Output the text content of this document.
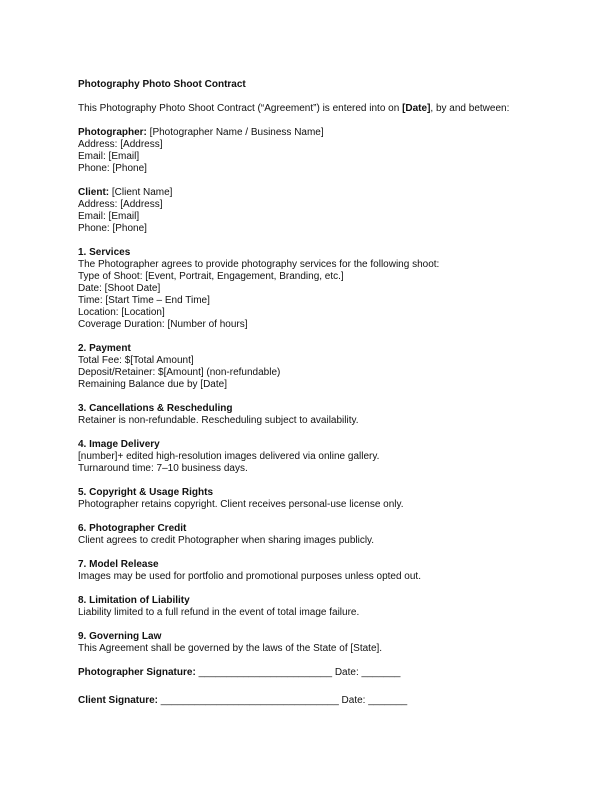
Photography Photo Shoot Contract
This Photography Photo Shoot Contract (“Agreement”) is entered into on [Date], by and between:
Photographer: [Photographer Name / Business Name]
Address: [Address]
Email: [Email]
Phone: [Phone]
Client: [Client Name]
Address: [Address]
Email: [Email]
Phone: [Phone]
1. Services
The Photographer agrees to provide photography services for the following shoot:
Type of Shoot: [Event, Portrait, Engagement, Branding, etc.]
Date: [Shoot Date]
Time: [Start Time – End Time]
Location: [Location]
Coverage Duration: [Number of hours]
2. Payment
Total Fee: $[Total Amount]
Deposit/Retainer: $[Amount] (non-refundable)
Remaining Balance due by [Date]
3. Cancellations & Rescheduling
Retainer is non-refundable. Rescheduling subject to availability.
4. Image Delivery
[number]+ edited high-resolution images delivered via online gallery.
Turnaround time: 7–10 business days.
5. Copyright & Usage Rights
Photographer retains copyright. Client receives personal-use license only.
6. Photographer Credit
Client agrees to credit Photographer when sharing images publicly.
7. Model Release
Images may be used for portfolio and promotional purposes unless opted out.
8. Limitation of Liability
Liability limited to a full refund in the event of total image failure.
9. Governing Law
This Agreement shall be governed by the laws of the State of [State].
Photographer Signature: ________________________ Date: _______
Client Signature: ________________________________ Date: _______
